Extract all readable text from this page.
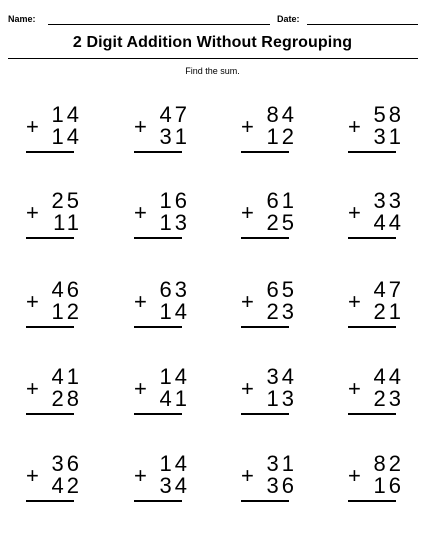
Name:	Date:
2 Digit Addition Without Regrouping
Find the sum.
14
+ 14
47
+ 31
84
+ 12
58
+ 31
25
+ 11
16
+ 13
61
+ 25
33
+ 44
46
+ 12
63
+ 14
65
+ 23
47
+ 21
41
+ 28
14
+ 41
34
+ 13
44
+ 23
36
+ 42
14
+ 34
31
+ 36
82
+ 16
